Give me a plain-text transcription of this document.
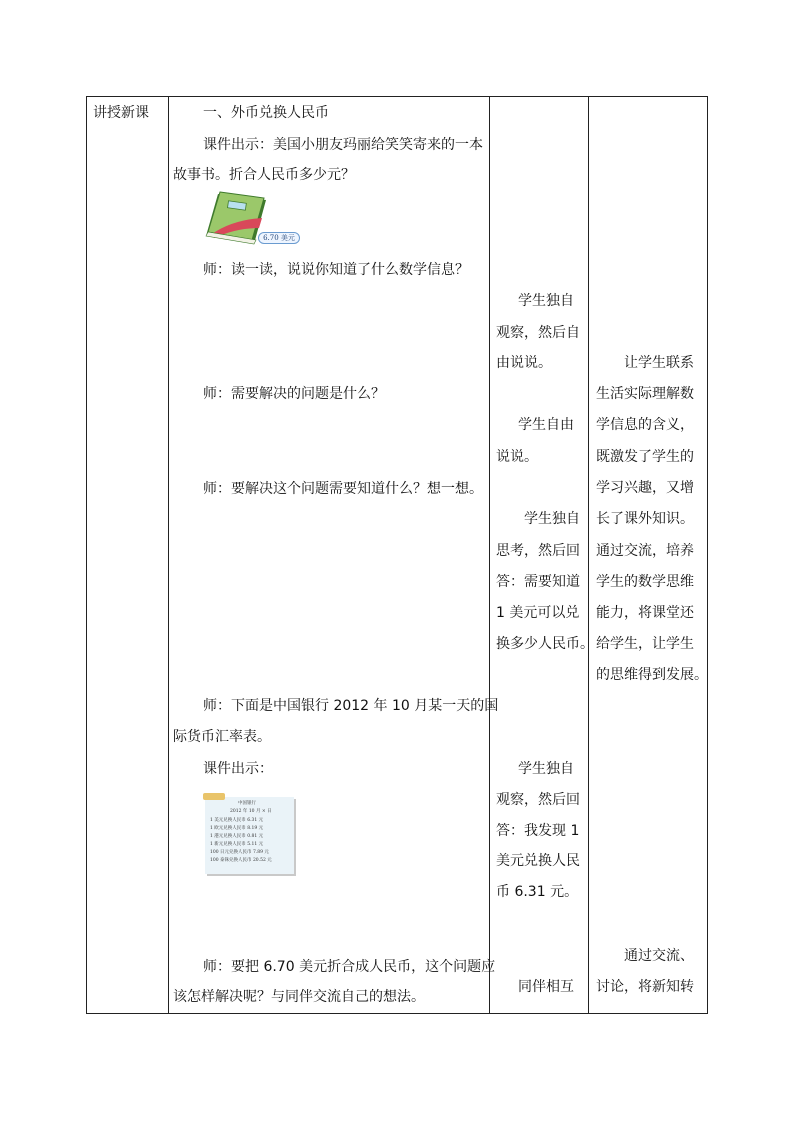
讲授新课	一、外币兑换人民币
课件出示：美国小朋友玛丽给笑笑寄来的一本
故事书。折合人民币多少元？
6.70 美元
师：读一读，说说你知道了什么数学信息？
师：需要解决的问题是什么？
师：要解决这个问题需要知道什么？想一想。
师：下面是中国银行 2012 年 10 月某一天的国
际货币汇率表。
课件出示：
中国银行
2012 年 10 月 × 日
1 美元兑换人民币 6.31 元
1 欧元兑换人民币 8.19 元
1 港元兑换人民币 0.81 元
1 新元兑换人民币 5.11 元
100 日元兑换人民币 7.89 元
100 泰铢兑换人民币 20.52 元
师：要把 6.70 美元折合成人民币，这个问题应
该怎样解决呢？与同伴交流自己的想法。
学生独自
观察，然后自
由说说。
学生自由
说说。
学生独自
思考，然后回
答：需要知道
1 美元可以兑
换多少人民币。
学生独自
观察，然后回
答：我发现 1
美元兑换人民
币 6.31 元。
同伴相互
让学生联系
生活实际理解数
学信息的含义，
既激发了学生的
学习兴趣，又增
长了课外知识。
通过交流，培养
学生的数学思维
能力，将课堂还
给学生，让学生
的思维得到发展。
通过交流、
讨论，将新知转
